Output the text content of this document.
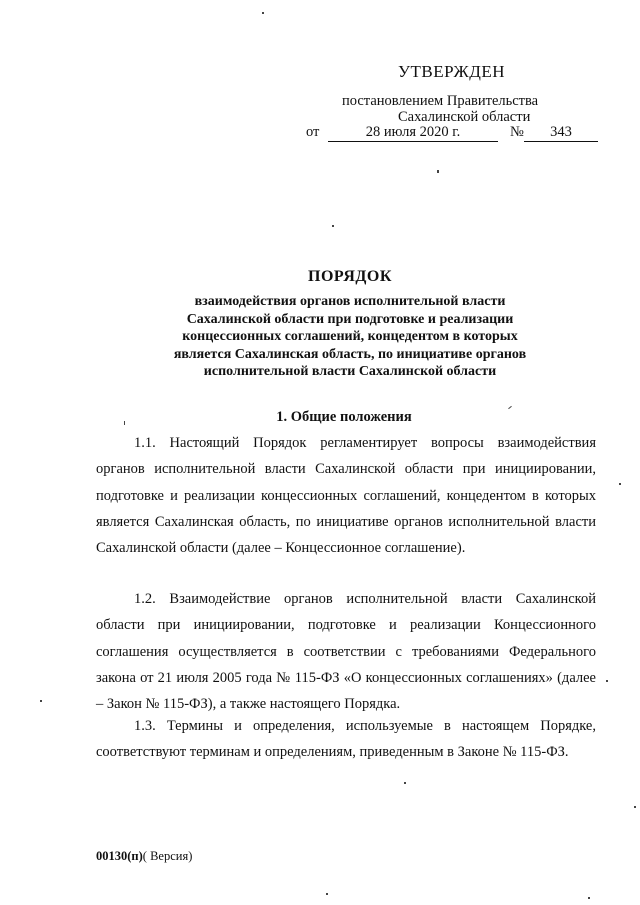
УТВЕРЖДЕН
постановлением Правительства
Сахалинской области
от	28 июля 2020 г.	№	343
ПОРЯДОК
взаимодействия органов исполнительной власти
Сахалинской области при подготовке и реализации
концессионных соглашений, концедентом в которых
является Сахалинская область, по инициативе органов
исполнительной власти Сахалинской области
1. Общие положения
1.1. Настоящий Порядок регламентирует вопросы взаимодействия органов исполнительной власти Сахалинской области при инициировании, подготовке и реализации концессионных соглашений, концедентом в которых является Сахалинская область, по инициативе органов исполнительной власти Сахалинской области (далее – Концессионное соглашение).
1.2. Взаимодействие органов исполнительной власти Сахалинской области при инициировании, подготовке и реализации Концессионного соглашения осуществляется в соответствии с требованиями Федерального закона от 21 июля 2005 года № 115-ФЗ «О концессионных соглашениях» (далее – Закон № 115-ФЗ), а также настоящего Порядка.
1.3. Термины и определения, используемые в настоящем Порядке, соответствуют терминам и определениям, приведенным в Законе № 115-ФЗ.
00130(п)( Версия)
